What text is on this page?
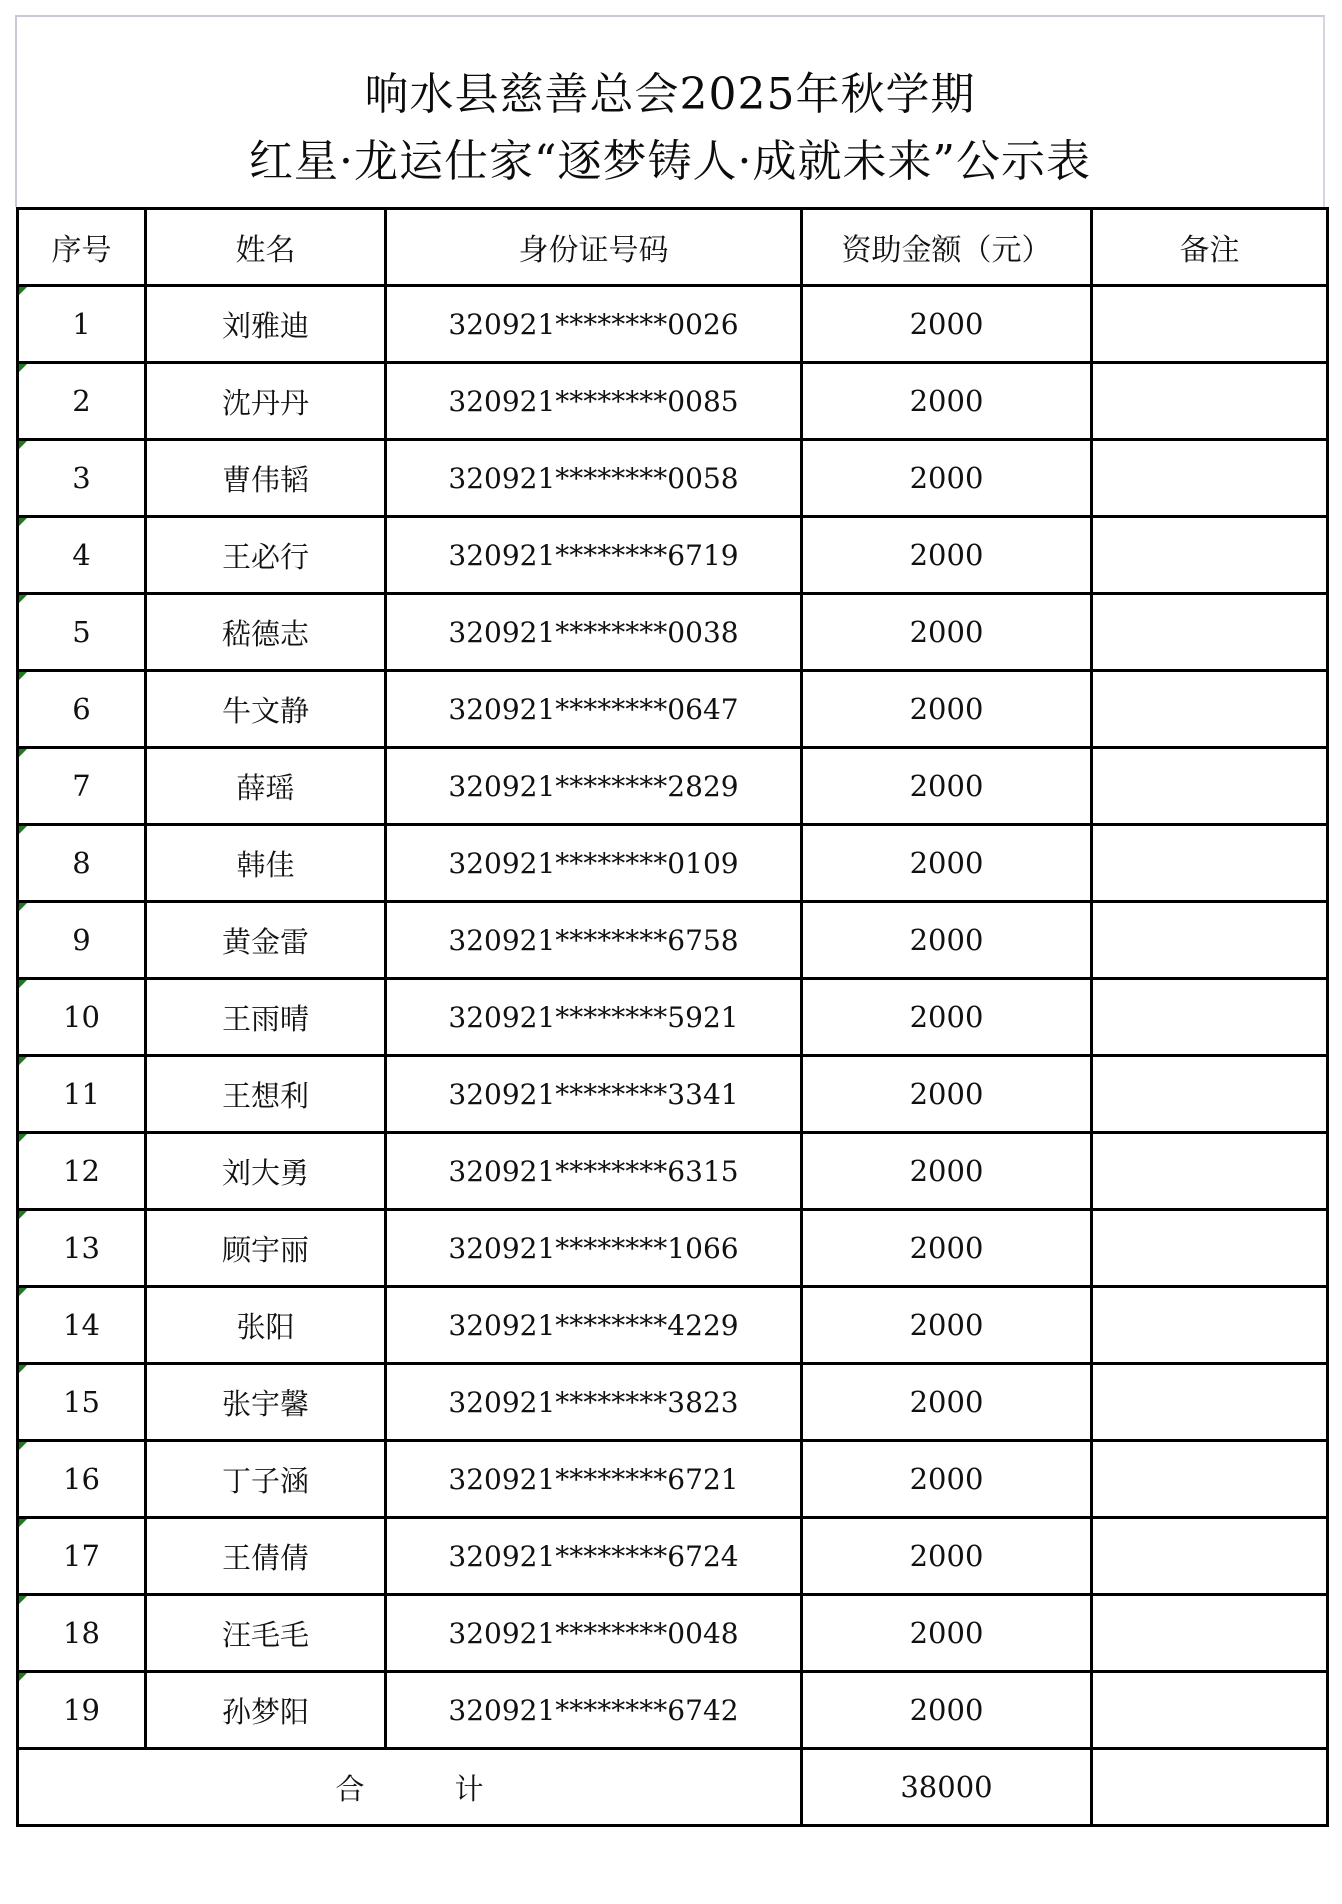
响水县慈善总会2025年秋学期
红星·龙运仕家“逐梦铸人·成就未来”公示表
序号	姓名	身份证号码	资助金额（元）	备注

1	刘雅迪	320921********0026	2000	

2	沈丹丹	320921********0085	2000	

3	曹伟韬	320921********0058	2000	

4	王必行	320921********6719	2000	

5	嵇德志	320921********0038	2000	

6	牛文静	320921********0647	2000	

7	薛瑶	320921********2829	2000	

8	韩佳	320921********0109	2000	

9	黄金雷	320921********6758	2000	

10	王雨晴	320921********5921	2000	

11	王想利	320921********3341	2000	

12	刘大勇	320921********6315	2000	

13	顾宇丽	320921********1066	2000	

14	张阳	320921********4229	2000	

15	张宇馨	320921********3823	2000	

16	丁子涵	320921********6721	2000	

17	王倩倩	320921********6724	2000	

18	汪毛毛	320921********0048	2000	

19	孙梦阳	320921********6742	2000	
合 计			38000	
